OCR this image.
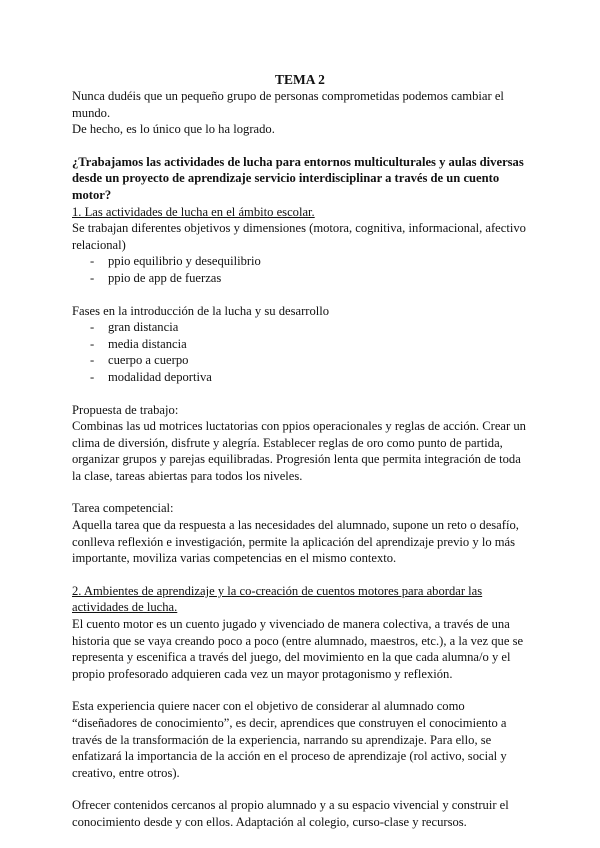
TEMA 2

Nunca dudéis que un pequeño grupo de personas comprometidas podemos cambiar el mundo.

De hecho, es lo único que lo ha logrado.

¿Trabajamos las actividades de lucha para entornos multiculturales y aulas diversas desde un proyecto de aprendizaje servicio interdisciplinar a través de un cuento motor?

1. Las actividades de lucha en el ámbito escolar.

Se trabajan diferentes objetivos y dimensiones (motora, cognitiva, informacional, afectivo relacional)

- ppio equilibrio y desequilibrio
- ppio de app de fuerzas

Fases en la introducción de la lucha y su desarrollo

- gran distancia
- media distancia
- cuerpo a cuerpo
- modalidad deportiva

Propuesta de trabajo:

Combinas las ud motrices luctatorias con ppios operacionales y reglas de acción. Crear un clima de diversión, disfrute y alegría. Establecer reglas de oro como punto de partida, organizar grupos y parejas equilibradas. Progresión lenta que permita integración de toda la clase, tareas abiertas para todos los niveles.

Tarea competencial:

Aquella tarea que da respuesta a las necesidades del alumnado, supone un reto o desafío, conlleva reflexión e investigación, permite la aplicación del aprendizaje previo y lo más importante, moviliza varias competencias en el mismo contexto.

2. Ambientes de aprendizaje y la co-creación de cuentos motores para abordar las actividades de lucha.

El cuento motor es un cuento jugado y vivenciado de manera colectiva, a través de una historia que se vaya creando poco a poco (entre alumnado, maestros, etc.), a la vez que se representa y escenifica a través del juego, del movimiento en la que cada alumna/o y el propio profesorado adquieren cada vez un mayor protagonismo y reflexión.

Esta experiencia quiere nacer con el objetivo de considerar al alumnado como “diseñadores de conocimiento”, es decir, aprendices que construyen el conocimiento a través de la transformación de la experiencia, narrando su aprendizaje. Para ello, se enfatizará la importancia de la acción en el proceso de aprendizaje (rol activo, social y creativo, entre otros).

Ofrecer contenidos cercanos al propio alumnado y a su espacio vivencial y construir el conocimiento desde y con ellos. Adaptación al colegio, curso-clase y recursos.
